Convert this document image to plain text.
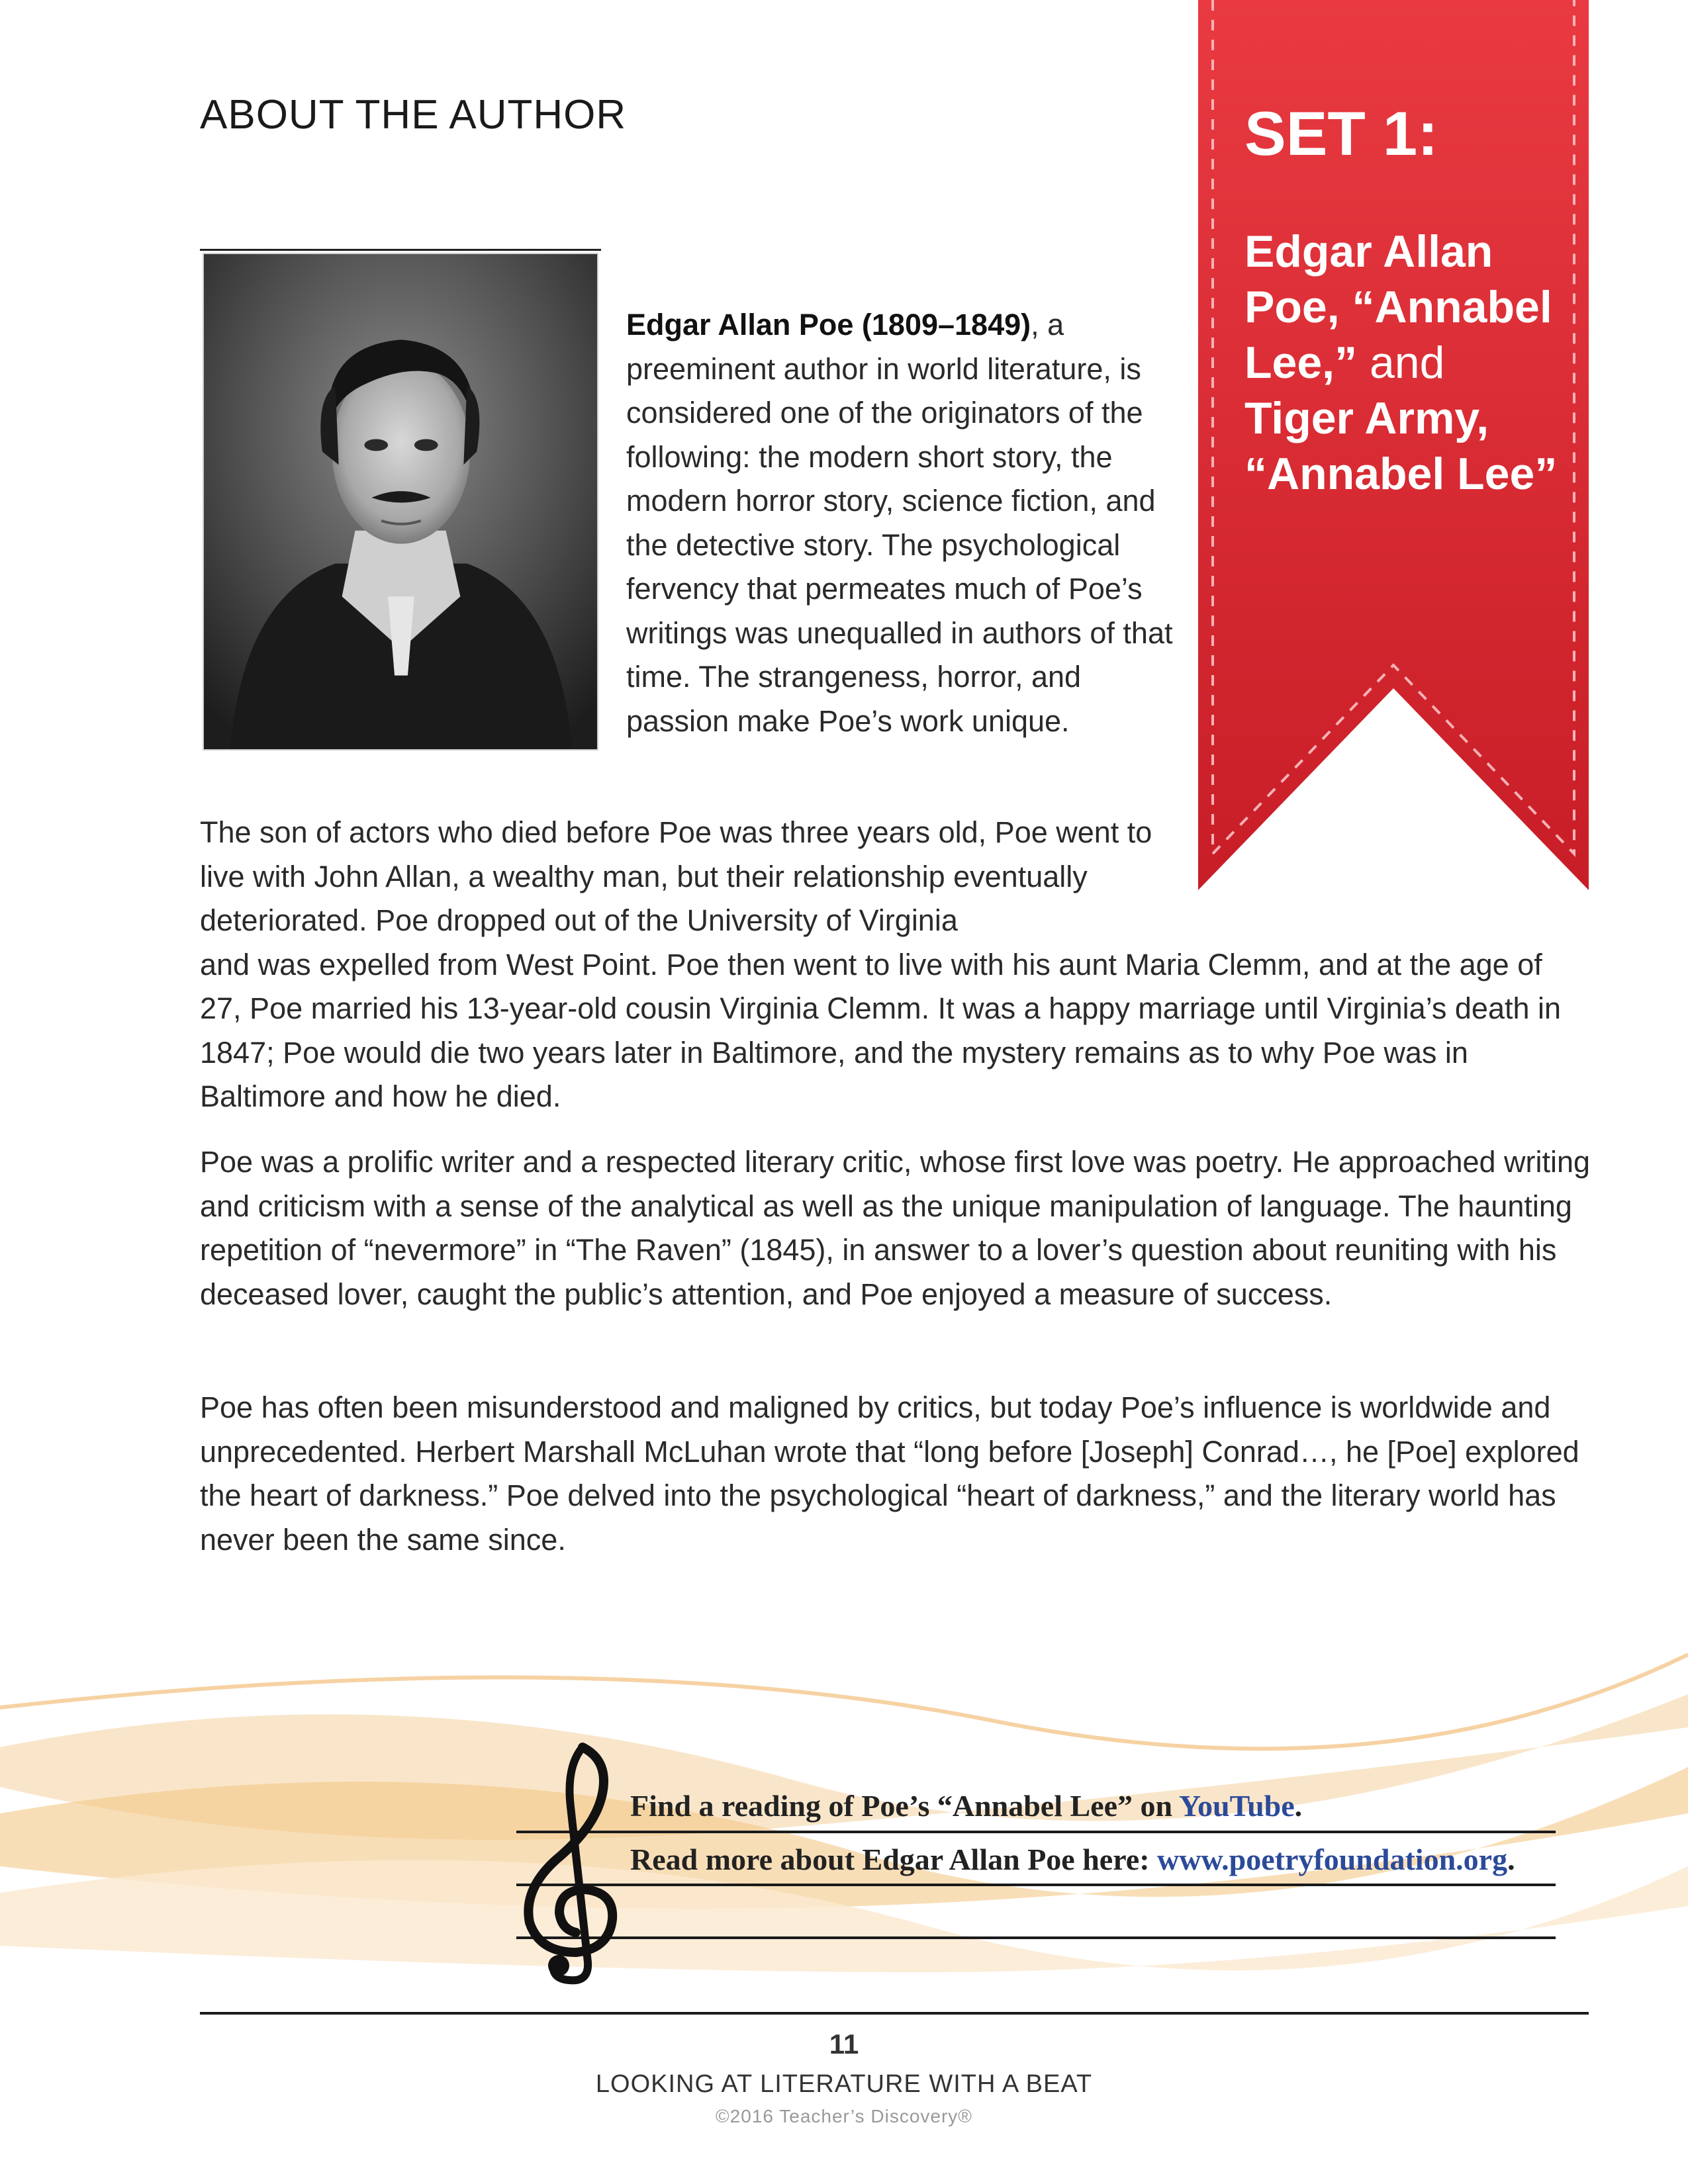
ABOUT THE AUTHOR
Edgar Allan Poe (1809–1849), a preeminent author in world literature, is considered one of the originators of the following: the modern short story, the modern horror story, science fiction, and the detective story. The psychological fervency that permeates much of Poe’s writings was unequalled in authors of that time. The strangeness, horror, and passion make Poe’s work unique.
The son of actors who died before Poe was three years old, Poe went to live with John Allan, a wealthy man, but their relationship eventually deteriorated. Poe dropped out of the University of Virginia
and was expelled from West Point. Poe then went to live with his aunt Maria Clemm, and at the age of 27, Poe married his 13-year-old cousin Virginia Clemm. It was a happy marriage until Virginia’s death in 1847; Poe would die two years later in Baltimore, and the mystery remains as to why Poe was in Baltimore and how he died.

Poe was a prolific writer and a respected literary critic, whose first love was poetry. He approached writing and criticism with a sense of the analytical as well as the unique manipulation of language. The haunting repetition of “nevermore” in “The Raven” (1845), in answer to a lover’s question about reuniting with his deceased lover, caught the public’s attention, and Poe enjoyed a measure of success.

Poe has often been misunderstood and maligned by critics, but today Poe’s influence is worldwide and unprecedented. Herbert Marshall McLuhan wrote that “long before [Joseph] Conrad…, he [Poe] explored the heart of darkness.” Poe delved into the psychological “heart of darkness,” and the literary world has never been the same since.

SET 1:
Edgar Allan
Poe, “Annabel
Lee,” and
Tiger Army,
“Annabel Lee”
Find a reading of Poe’s “Annabel Lee” on YouTube.
Read more about Edgar Allan Poe here: www.poetryfoundation.org.
11
LOOKING AT LITERATURE WITH A BEAT
©2016 Teacher’s Discovery®
